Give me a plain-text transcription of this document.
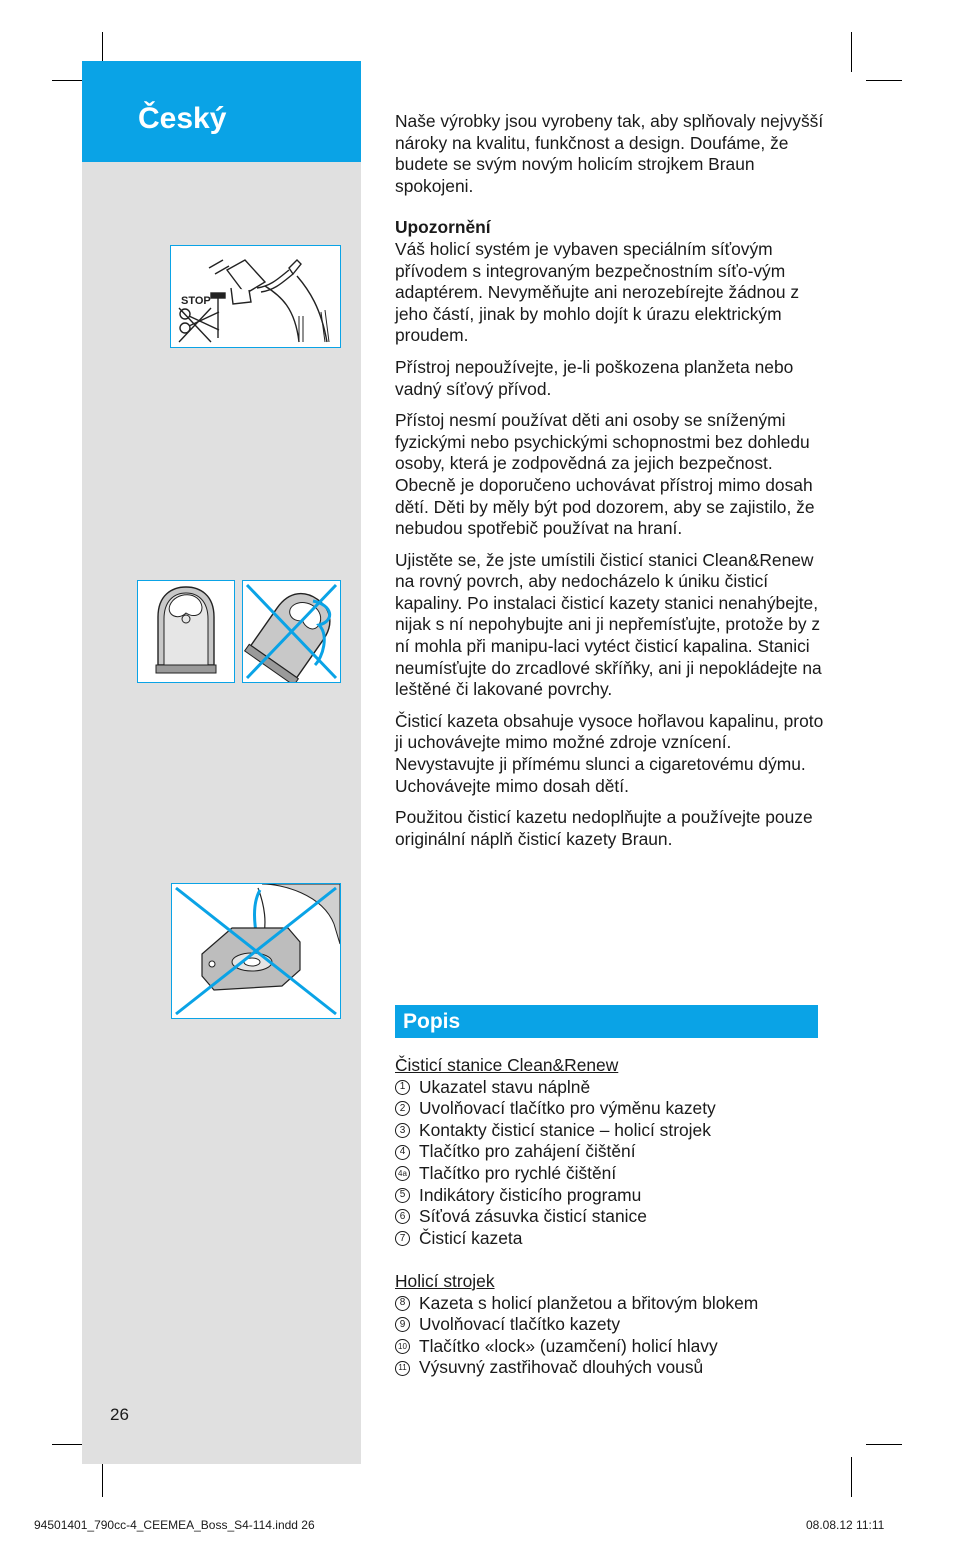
Český
STOP
26

Naše výrobky jsou vyrobeny tak, aby splňovaly nejvyšší nároky na kvalitu, funkčnost a design. Doufáme, že budete se svým novým holicím strojkem Braun spokojeni.

Upozornění

Váš holicí systém je vybaven speciálním síťovým přívodem s integrovaným bezpečnostním síťo-vým adaptérem. Nevyměňujte ani nerozebírejte žádnou z jeho částí, jinak by mohlo dojít k úrazu elektrickým proudem.

Přístroj nepoužívejte, je-li poškozena planžeta nebo vadný síťový přívod.

Přístoj nesmí používat děti ani osoby se sníženými fyzickými nebo psychickými schopnostmi bez dohledu osoby, která je zodpovědná za jejich bezpečnost. Obecně je doporučeno uchovávat přístroj mimo dosah dětí. Děti by měly být pod dozorem, aby se zajistilo, že nebudou spotřebič používat na hraní.

Ujistěte se, že jste umístili čisticí stanici Clean&Renew na rovný povrch, aby nedocházelo k úniku čisticí kapaliny. Po instalaci čisticí kazety stanici nenahýbejte, nijak s ní nepohybujte ani ji nepřemísťujte, protože by z ní mohla při manipu-laci vytéct čisticí kapalina. Stanici neumísťujte do zrcadlové skříňky, ani ji nepokládejte na leštěné či lakované povrchy.

Čisticí kazeta obsahuje vysoce hořlavou kapalinu, proto ji uchovávejte mimo možné zdroje vznícení. Nevystavujte ji přímému slunci a cigaretovému dýmu. Uchovávejte mimo dosah dětí.

Použitou čisticí kazetu nedoplňujte a používejte pouze originální náplň čisticí kazety Braun.

Popis
Čisticí stanice Clean&Renew
1 Ukazatel stavu náplně
2 Uvolňovací tlačítko pro výměnu kazety
3 Kontakty čisticí stanice – holicí strojek
4 Tlačítko pro zahájení čištění
4a Tlačítko pro rychlé čištění
5 Indikátory čisticího programu
6 Síťová zásuvka čisticí stanice
7 Čisticí kazeta
Holicí strojek
8 Kazeta s holicí planžetou a břitovým blokem
9 Uvolňovací tlačítko kazety
10 Tlačítko «lock» (uzamčení) holicí hlavy
11 Výsuvný zastřihovač dlouhých vousů
94501401_790cc-4_CEEMEA_Boss_S4-114.indd 26	08.08.12 11:11
